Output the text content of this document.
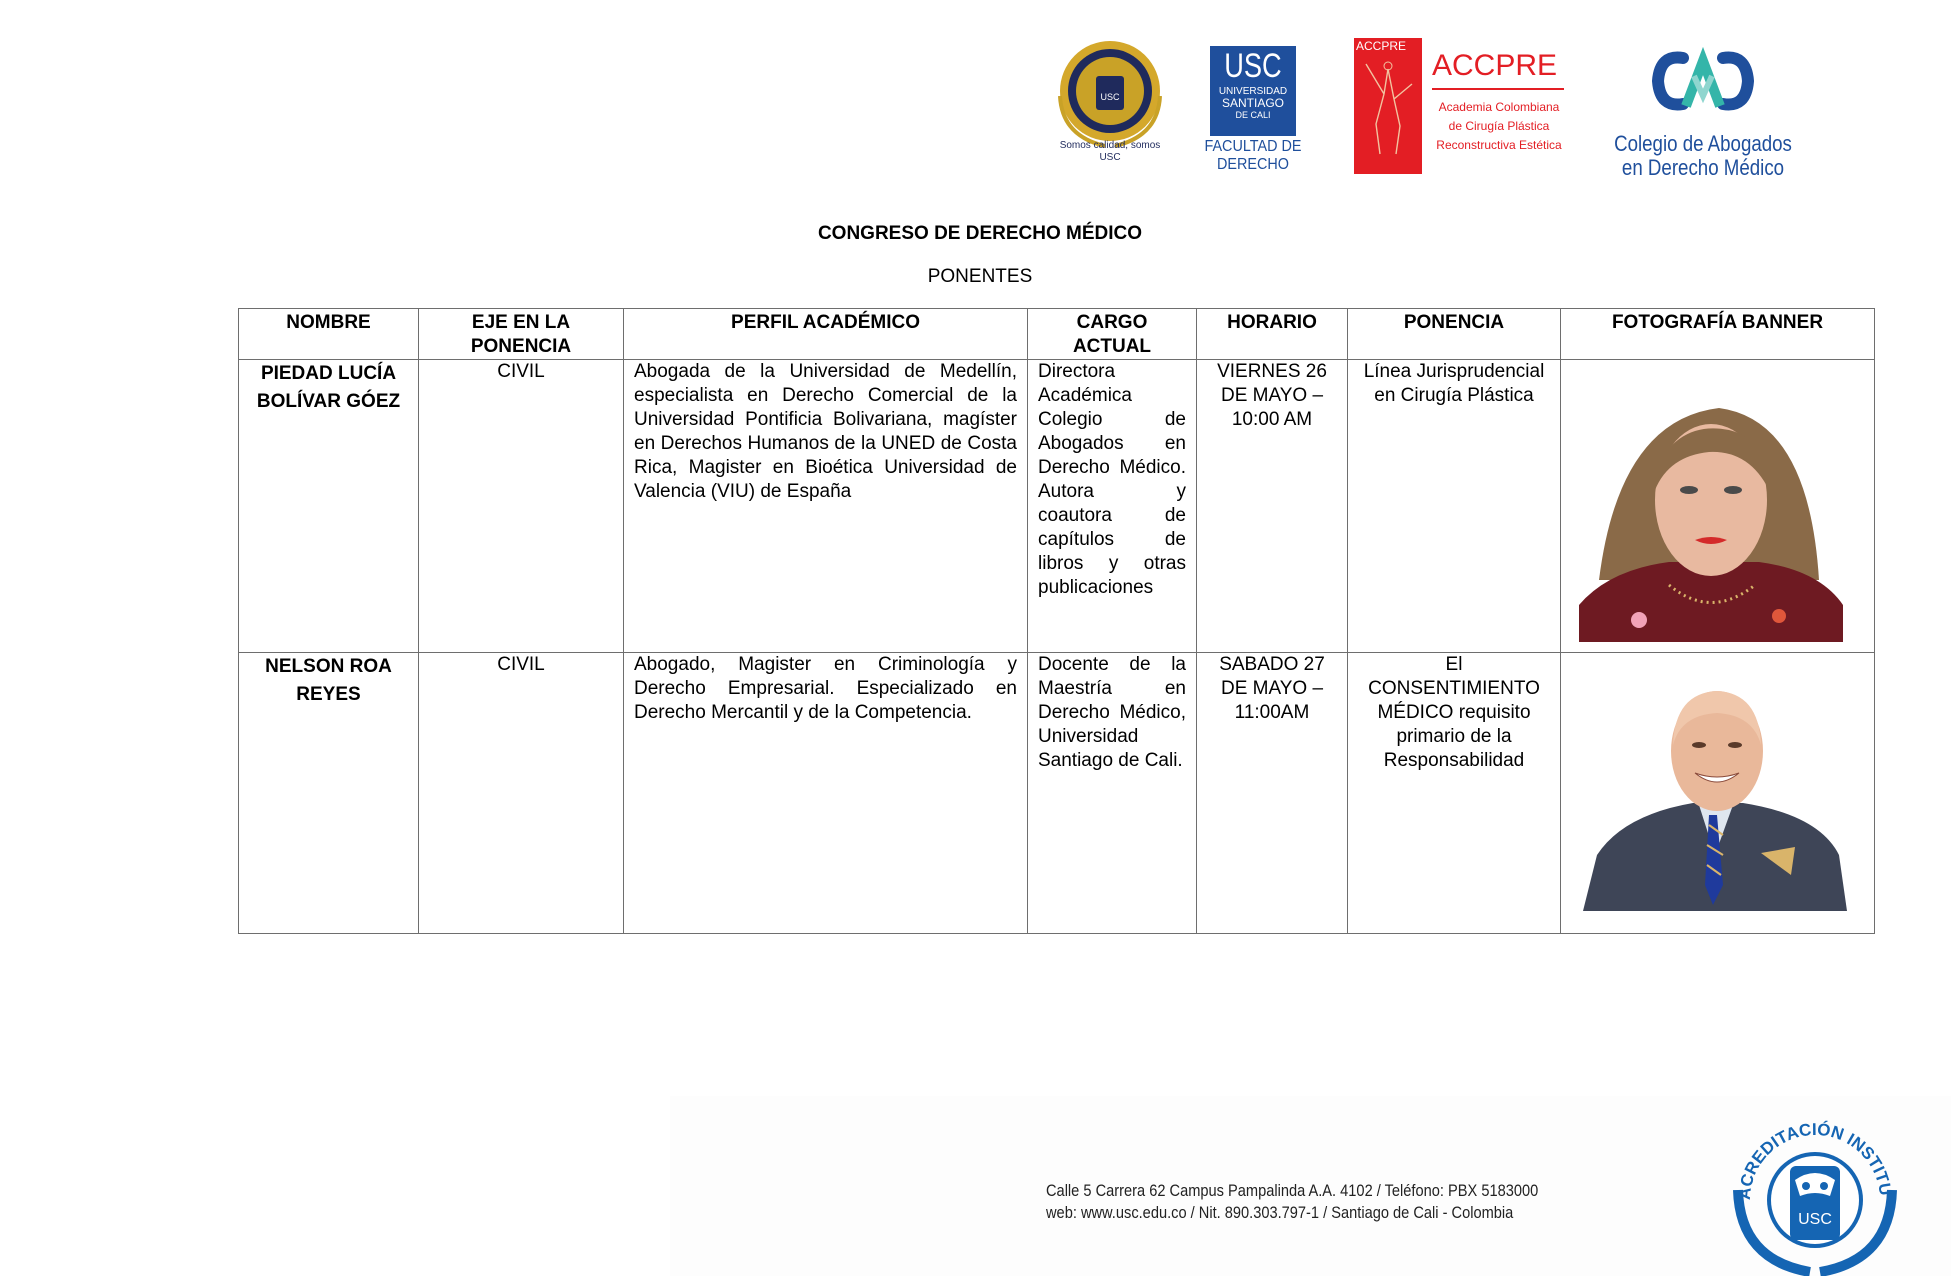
USC
Somos calidad, somos USC
USC
UNIVERSIDAD
SANTIAGO
DE CALI
FACULTAD DE
DERECHO
ACCPRE
ACCPRE
Academia Colombiana
de Cirugía Plástica
Reconstructiva Estética	Colegio de Abogados
en Derecho Médico
CONGRESO DE DERECHO MÉDICO
PONENTES
NOMBRE	EJE EN LA PONENCIA	PERFIL ACADÉMICO	CARGO ACTUAL	HORARIO	PONENCIA	FOTOGRAFÍA BANNER
PIEDAD LUCÍA BOLÍVAR GÓEZ	CIVIL	Abogada de la Universidad de Medellín, especialista en Derecho Comercial de la Universidad Pontificia Bolivariana, magíster en Derechos Humanos de la UNED de Costa Rica, Magister en Bioética Universidad de Valencia (VIU) de España	Directora Académica Colegio de Abogados en Derecho Médico. Autora y coautora de capítulos de libros y otras publicaciones	VIERNES 26 DE MAYO – 10:00 AM	Línea Jurisprudencial en Cirugía Plástica	

NELSON ROA REYES	CIVIL	Abogado, Magister en Criminología y Derecho Empresarial. Especializado en Derecho Mercantil y de la Competencia.	Docente de la Maestría en Derecho Médico, Universidad Santiago de Cali.	SABADO 27 DE MAYO – 11:00AM	El CONSENTIMIENTO MÉDICO requisito primario de la Responsabilidad	
Calle 5 Carrera 62 Campus Pampalinda A.A. 4102 / Teléfono: PBX 5183000
web: www.usc.edu.co / Nit. 890.303.797-1 / Santiago de Cali - Colombia
ACREDITACIÓN INSTITU
USC
